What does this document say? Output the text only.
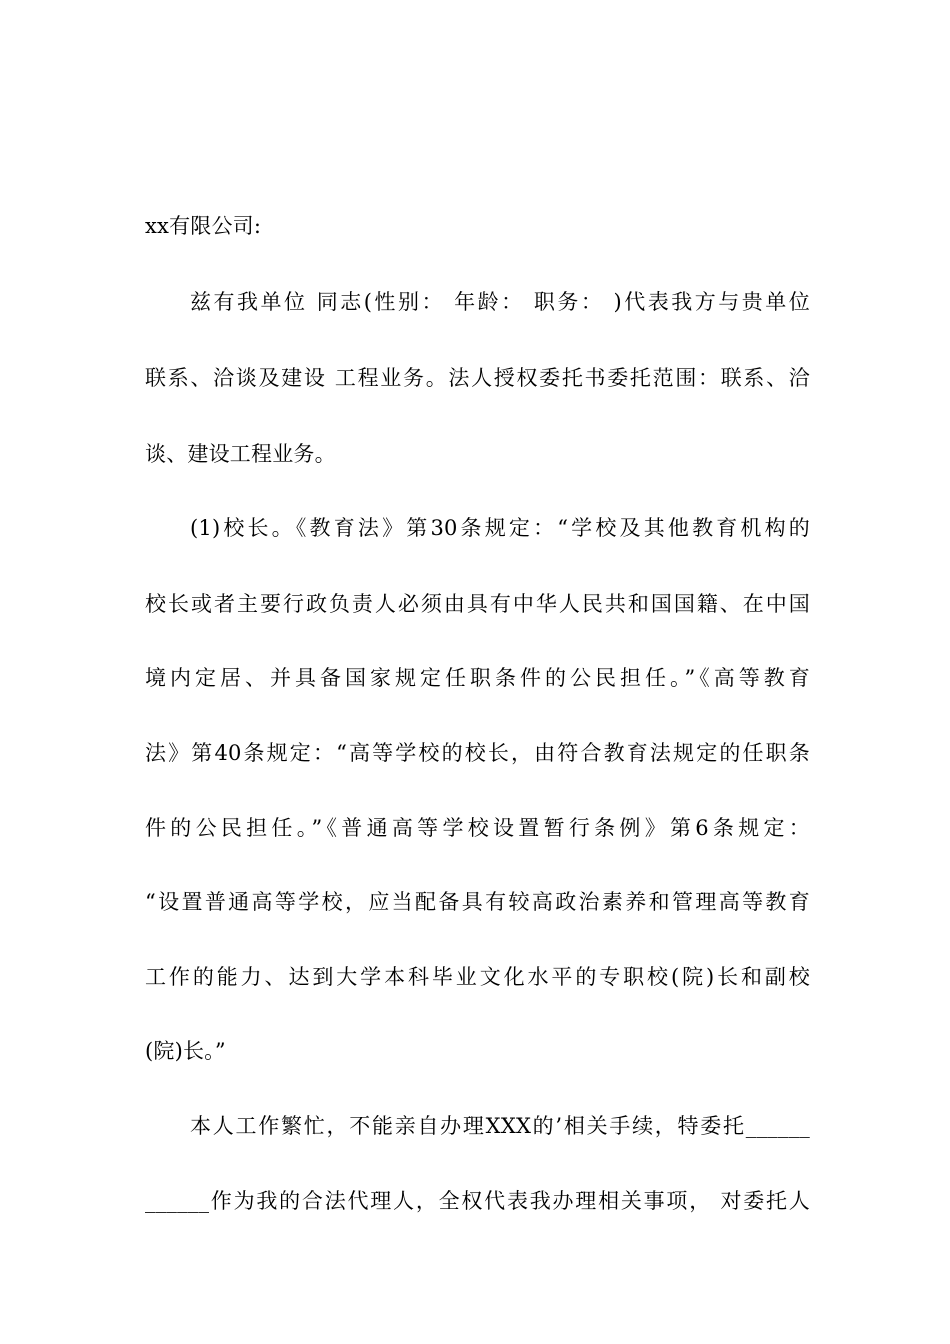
xx有限公司:
兹有我单位 同志(性别： 年龄： 职务： )代表我方与贵单位
联系、洽谈及建设 工程业务。法人授权委托书委托范围：联系、洽
谈、建设工程业务。
(1)校长。《教育法》第30条规定：“学校及其他教育机构的
校长或者主要行政负责人必须由具有中华人民共和国国籍、在中国
境内定居、并具备国家规定任职条件的公民担任。”《高等教育
法》第40条规定：“高等学校的校长，由符合教育法规定的任职条
件的公民担任。”《普通高等学校设置暂行条例》第6条规定：
“设置普通高等学校，应当配备具有较高政治素养和管理高等教育
工作的能力、达到大学本科毕业文化水平的专职校(院)长和副校
(院)长。”
本人工作繁忙，不能亲自办理XXX的’相关手续，特委托______
______作为我的合法代理人，全权代表我办理相关事项， 对委托人
